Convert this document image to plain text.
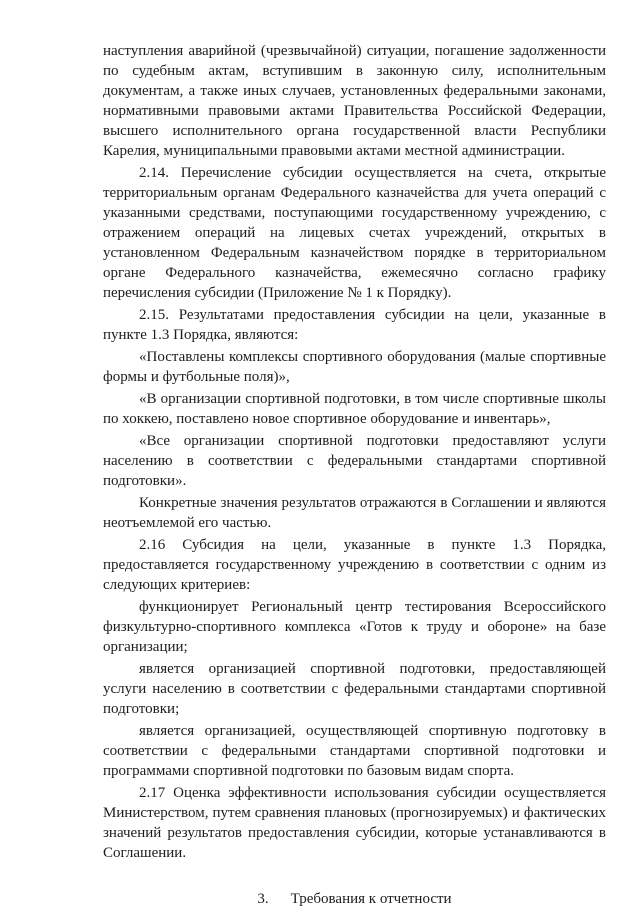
наступления аварийной (чрезвычайной) ситуации, погашение задолженности по судебным актам, вступившим в законную силу, исполнительным документам, а также иных случаев, установленных федеральными законами, нормативными правовыми актами Правительства Российской Федерации, высшего исполнительного органа государственной власти Республики Карелия, муниципальными правовыми актами местной администрации.

2.14. Перечисление субсидии осуществляется на счета, открытые территориальным органам Федерального казначейства для учета операций с указанными средствами, поступающими государственному учреждению, с отражением операций на лицевых счетах учреждений, открытых в установленном Федеральным казначейством порядке в территориальном органе Федерального казначейства, ежемесячно согласно графику перечисления субсидии (Приложение № 1 к Порядку).

2.15. Результатами предоставления субсидии на цели, указанные в пункте 1.3 Порядка, являются:

«Поставлены комплексы спортивного оборудования (малые спортивные формы и футбольные поля)»,

«В организации спортивной подготовки, в том числе спортивные школы по хоккею, поставлено новое спортивное оборудование и инвентарь»,

«Все организации спортивной подготовки предоставляют услуги населению в соответствии с федеральными стандартами спортивной подготовки».

Конкретные значения результатов отражаются в Соглашении и являются неотъемлемой его частью.

2.16 Субсидия на цели, указанные в пункте 1.3 Порядка, предоставляется государственному учреждению в соответствии с одним из следующих критериев:

функционирует Региональный центр тестирования Всероссийского физкультурно-спортивного комплекса «Готов к труду и обороне» на базе организации;

является организацией спортивной подготовки, предоставляющей услуги населению в соответствии с федеральными стандартами спортивной подготовки;

является организацией, осуществляющей спортивную подготовку в соответствии с федеральными стандартами спортивной подготовки и программами спортивной подготовки по базовым видам спорта.

2.17 Оценка эффективности использования субсидии осуществляется Министерством, путем сравнения плановых (прогнозируемых) и фактических значений результатов предоставления субсидии, которые устанавливаются в Соглашении.

3. Требования к отчетности
